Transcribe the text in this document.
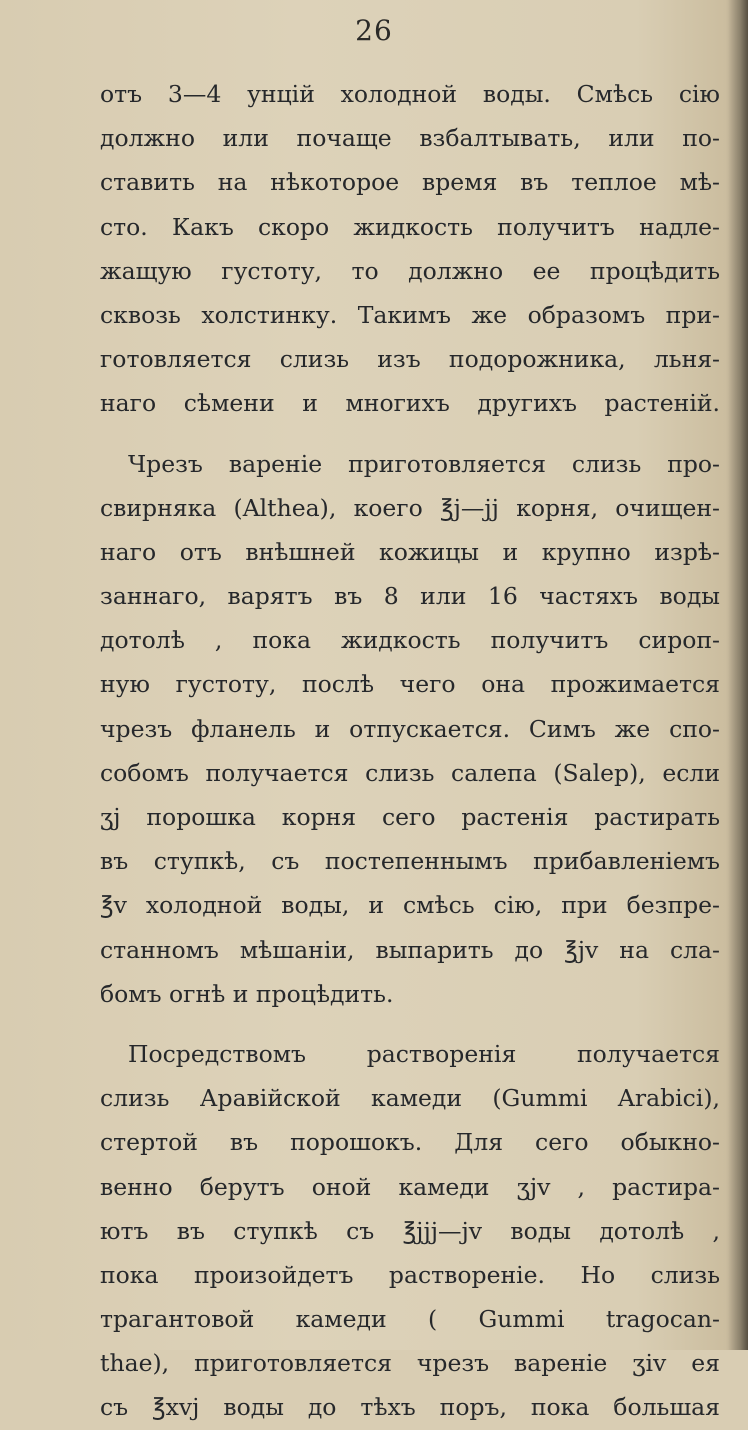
26
отъ 3—4 унцій холодной воды. Смѣсь сію
должно или почаще взбалтывать, или по-
ставить на нѣкоторое время въ теплое мѣ-
сто. Какъ скоро жидкость получитъ надле-
жащую густоту, то должно ее процѣдить
сквозь холстинку. Такимъ же образомъ при-
готовляется слизь изъ подорожника, льня-
наго сѣмени и многихъ другихъ растеній.
Чрезъ вареніе приготовляется слизь про-
свирняка (Althea), коего ℥j—jj корня, очищен-
наго отъ внѣшней кожицы и крупно изрѣ-
заннаго, варятъ въ 8 или 16 частяхъ воды
дотолѣ , пока жидкость получитъ сироп-
ную густоту, послѣ чего она прожимается
чрезъ фланель и отпускается. Симъ же спо-
собомъ получается слизь салепа (Salep), если
ʒj порошка корня сего растенія растирать
въ ступкѣ, съ постепеннымъ прибавленіемъ
℥v холодной воды, и смѣсь сію, при безпре-
станномъ мѣшаніи, выпарить до ℥jv на сла-
бомъ огнѣ и процѣдить.
Посредствомъ растворенія получается
слизь Аравійской камеди (Gummi Arabici),
стертой въ порошокъ. Для сего обыкно-
венно берутъ оной камеди ʒjv , растира-
ютъ въ ступкѣ съ ℥jjj—jv воды дотолѣ ,
пока произойдетъ раствореніе. Но слизь
трагантовой камеди ( Gummi tragocan-
thae), приготовляется чрезъ вареніе ʒiv ея
съ ℥xvj воды до тѣхъ поръ, пока большая
